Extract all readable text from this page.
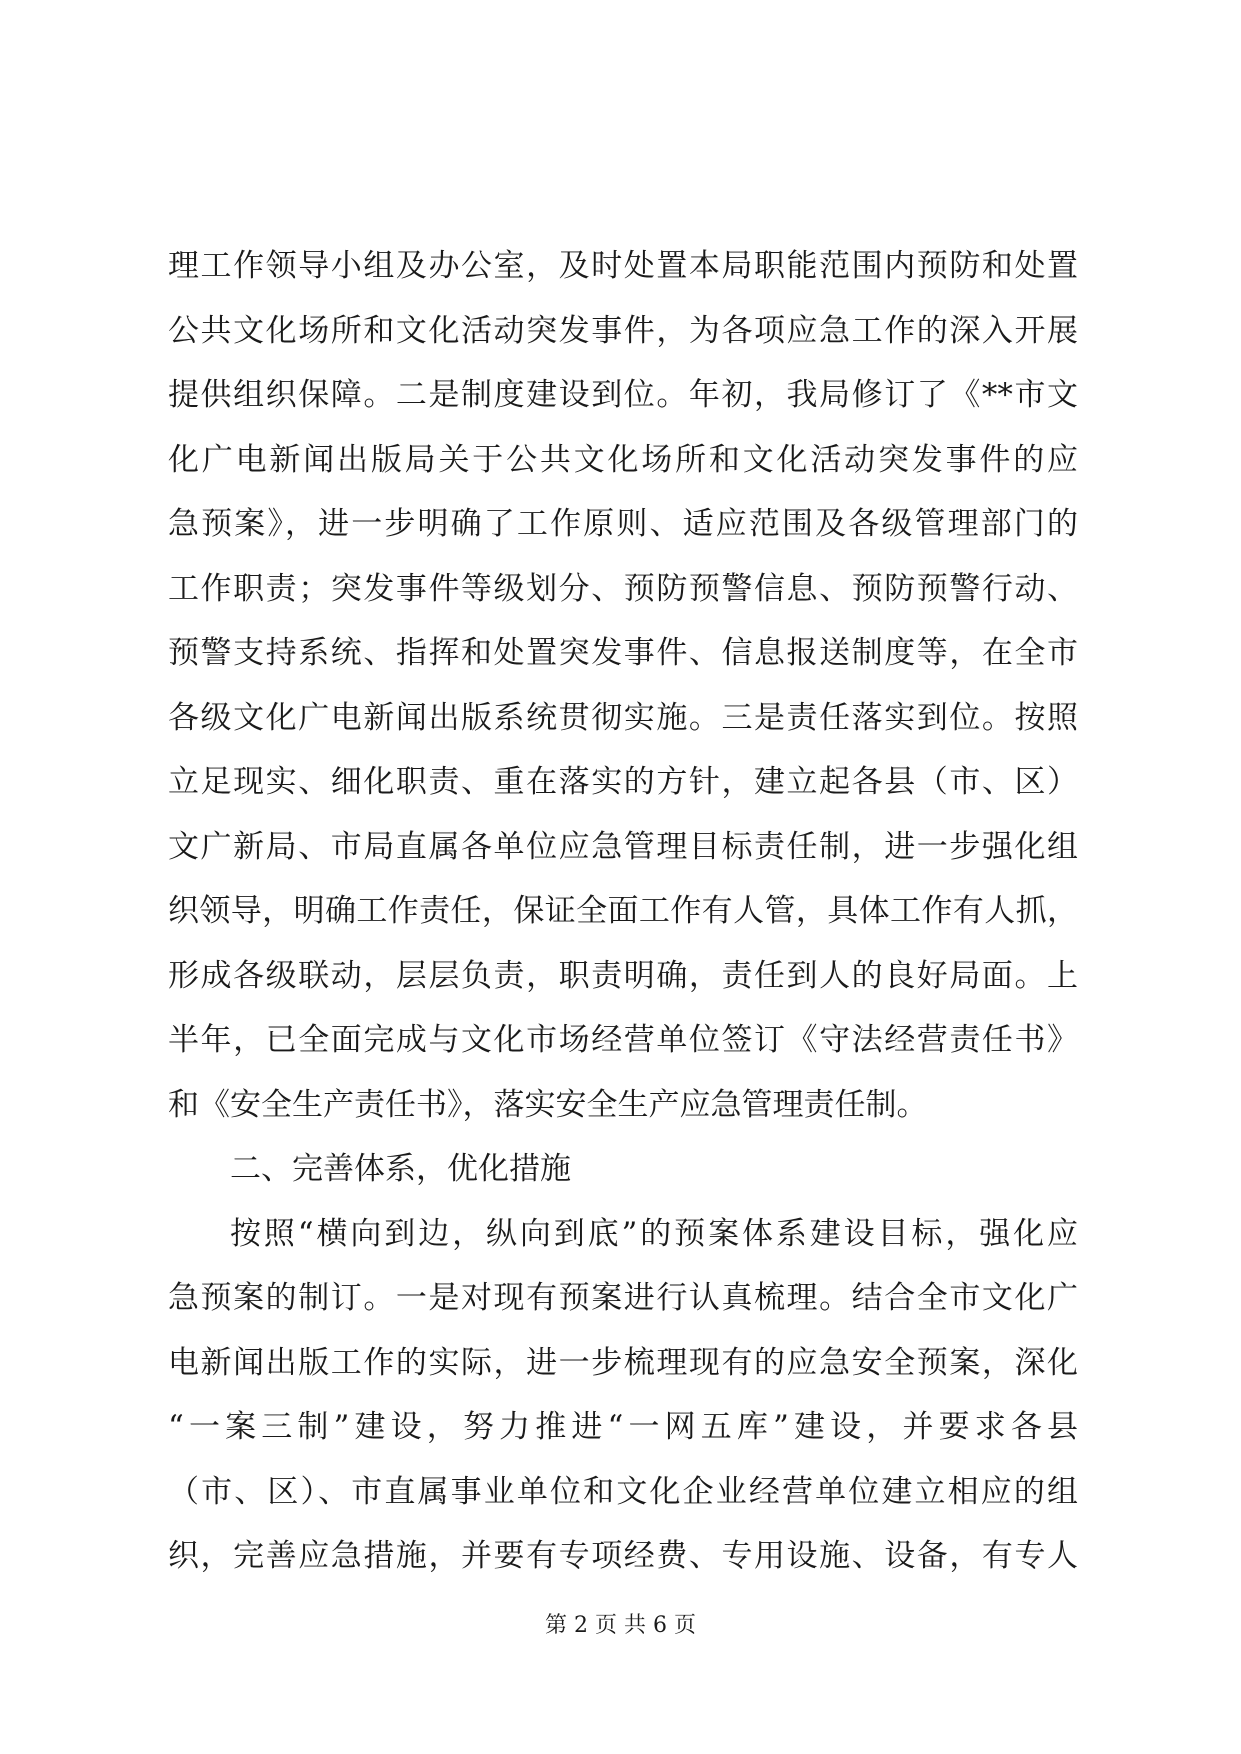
理工作领导小组及办公室，及时处置本局职能范围内预防和处置
公共文化场所和文化活动突发事件，为各项应急工作的深入开展
提供组织保障。二是制度建设到位。年初，我局修订了《**市文
化广电新闻出版局关于公共文化场所和文化活动突发事件的应
急预案》，进一步明确了工作原则、适应范围及各级管理部门的
工作职责；突发事件等级划分、预防预警信息、预防预警行动、
预警支持系统、指挥和处置突发事件、信息报送制度等，在全市
各级文化广电新闻出版系统贯彻实施。三是责任落实到位。按照
立足现实、细化职责、重在落实的方针，建立起各县（市、区）
文广新局、市局直属各单位应急管理目标责任制，进一步强化组
织领导，明确工作责任，保证全面工作有人管，具体工作有人抓，
形成各级联动，层层负责，职责明确，责任到人的良好局面。上
半年，已全面完成与文化市场经营单位签订《守法经营责任书》
和《安全生产责任书》，落实安全生产应急管理责任制。
二、完善体系，优化措施
按照“横向到边，纵向到底”的预案体系建设目标，强化应
急预案的制订。一是对现有预案进行认真梳理。结合全市文化广
电新闻出版工作的实际，进一步梳理现有的应急安全预案，深化
“一案三制”建设，努力推进“一网五库”建设，并要求各县
（市、区）、市直属事业单位和文化企业经营单位建立相应的组
织，完善应急措施，并要有专项经费、专用设施、设备，有专人
第 2 页 共 6 页
